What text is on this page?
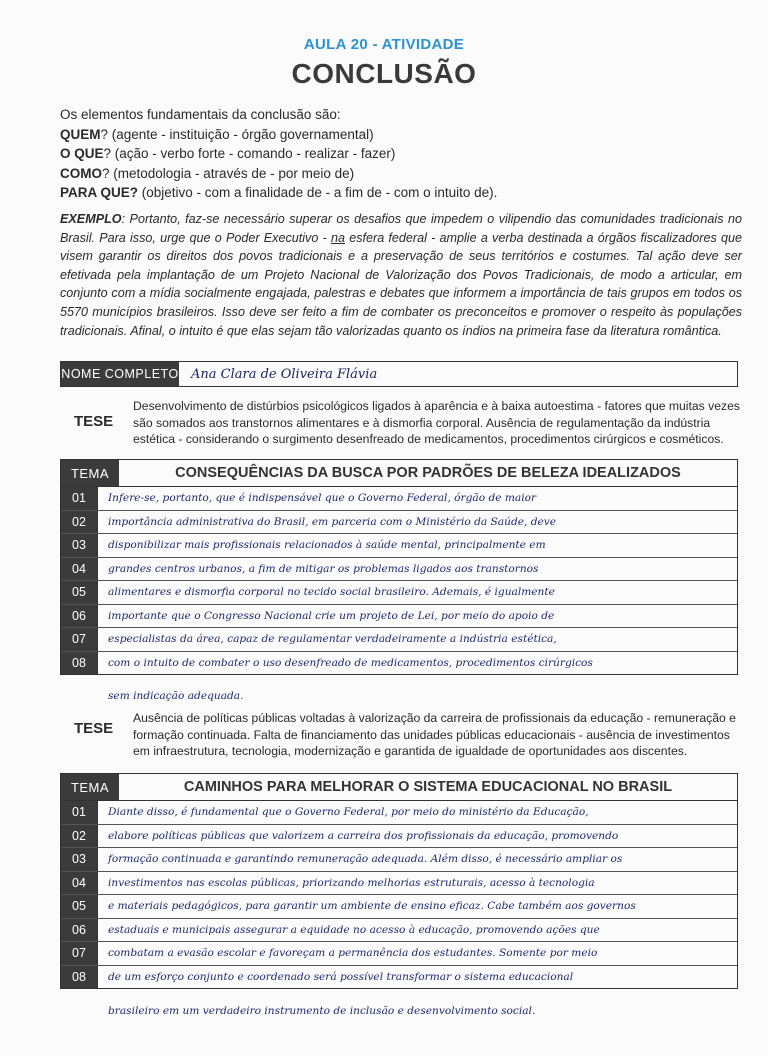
AULA 20 - ATIVIDADE
CONCLUSÃO
Os elementos fundamentais da conclusão são:
QUEM? (agente - instituição - órgão governamental)
O QUE? (ação - verbo forte - comando - realizar - fazer)
COMO? (metodologia - através de - por meio de)
PARA QUE? (objetivo - com a finalidade de - a fim de - com o intuito de).
EXEMPLO: Portanto, faz-se necessário superar os desafios que impedem o vilipendio das comunidades tradicionais no Brasil. Para isso, urge que o Poder Executivo - na esfera federal - amplie a verba destinada a órgãos fiscalizadores que visem garantir os direitos dos povos tradicionais e a preservação de seus territórios e costumes. Tal ação deve ser efetivada pela implantação de um Projeto Nacional de Valorização dos Povos Tradicionais, de modo a articular, em conjunto com a mídia socialmente engajada, palestras e debates que informem a importância de tais grupos em todos os 5570 municípios brasileiros. Isso deve ser feito a fim de combater os preconceitos e promover o respeito às populações tradicionais. Afinal, o intuito é que elas sejam tão valorizadas quanto os índios na primeira fase da literatura romântica.
NOME COMPLETO Ana Clara de Oliveira Flávia
TESE
Desenvolvimento de distúrbios psicológicos ligados à aparência e à baixa autoestima - fatores que muitas vezes são somados aos transtornos alimentares e à dismorfia corporal. Ausência de regulamentação da indústria estética - considerando o surgimento desenfreado de medicamentos, procedimentos cirúrgicos e cosméticos.
TEMA	CONSEQUÊNCIAS DA BUSCA POR PADRÕES DE BELEZA IDEALIZADOS
01	Infere-se, portanto, que é indispensável que o Governo Federal, órgão de maior
02	importância administrativa do Brasil, em parceria com o Ministério da Saúde, deve
03	disponibilizar mais profissionais relacionados à saúde mental, principalmente em
04	grandes centros urbanos, a fim de mitigar os problemas ligados aos transtornos
05	alimentares e dismorfia corporal no tecido social brasileiro. Ademais, é igualmente
06	importante que o Congresso Nacional crie um projeto de Lei, por meio do apoio de
07	especialistas da área, capaz de regulamentar verdadeiramente a indústria estética,
08	com o intuito de combater o uso desenfreado de medicamentos, procedimentos cirúrgicos
sem indicação adequada.
TESE
Ausência de políticas públicas voltadas à valorização da carreira de profissionais da educação - remuneração e formação continuada. Falta de financiamento das unidades públicas educacionais - ausência de investimentos em infraestrutura, tecnologia, modernização e garantida de igualdade de oportunidades aos discentes.
TEMA	CAMINHOS PARA MELHORAR O SISTEMA EDUCACIONAL NO BRASIL
01	Diante disso, é fundamental que o Governo Federal, por meio do ministério da Educação,
02	elabore políticas públicas que valorizem a carreira dos profissionais da educação, promovendo
03	formação continuada e garantindo remuneração adequada. Além disso, é necessário ampliar os
04	investimentos nas escolas públicas, priorizando melhorias estruturais, acesso à tecnologia
05	e materiais pedagógicos, para garantir um ambiente de ensino eficaz. Cabe também aos governos
06	estaduais e municipais assegurar a equidade no acesso à educação, promovendo ações que
07	combatam a evasão escolar e favoreçam a permanência dos estudantes. Somente por meio
08	de um esforço conjunto e coordenado será possível transformar o sistema educacional
brasileiro em um verdadeiro instrumento de inclusão e desenvolvimento social.
